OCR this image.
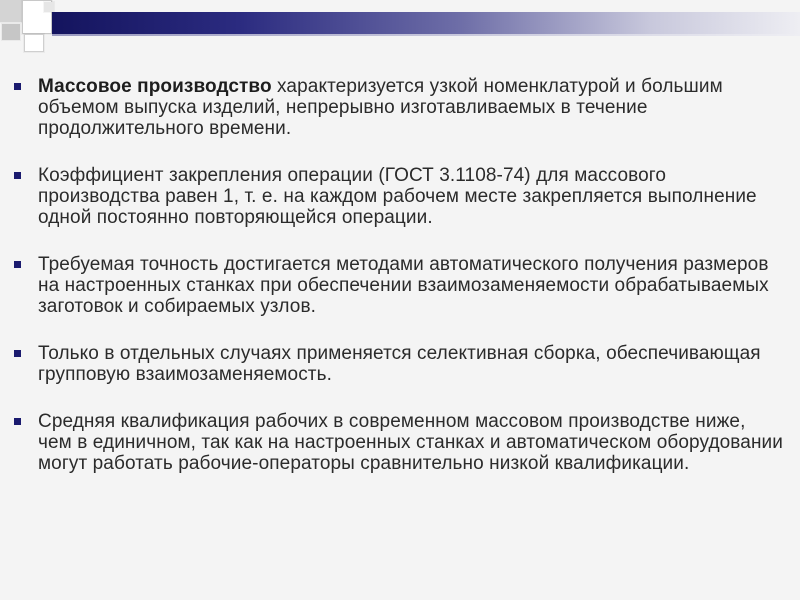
Массовое производство характеризуется узкой номенклатурой и большим объемом выпуска изделий, непрерывно изготавливаемых в течение продолжительного времени.
Коэффициент закрепления операции (ГОСТ 3.1108-74) для массового производства равен 1, т. е. на каждом рабочем месте закрепляется выполнение одной постоянно повторяющейся операции.
Требуемая точность достигается методами автоматического получения размеров на настроенных станках при обеспечении взаимозаменяемости обрабатываемых заготовок и собираемых узлов.
Только в отдельных случаях применяется селективная сборка, обеспечивающая групповую взаимозаменяемость.
Средняя квалификация рабочих в современном массовом производстве ниже, чем в единичном, так как на настроенных станках и автоматическом оборудовании могут работать рабочие-операторы сравнительно низкой квалификации.
